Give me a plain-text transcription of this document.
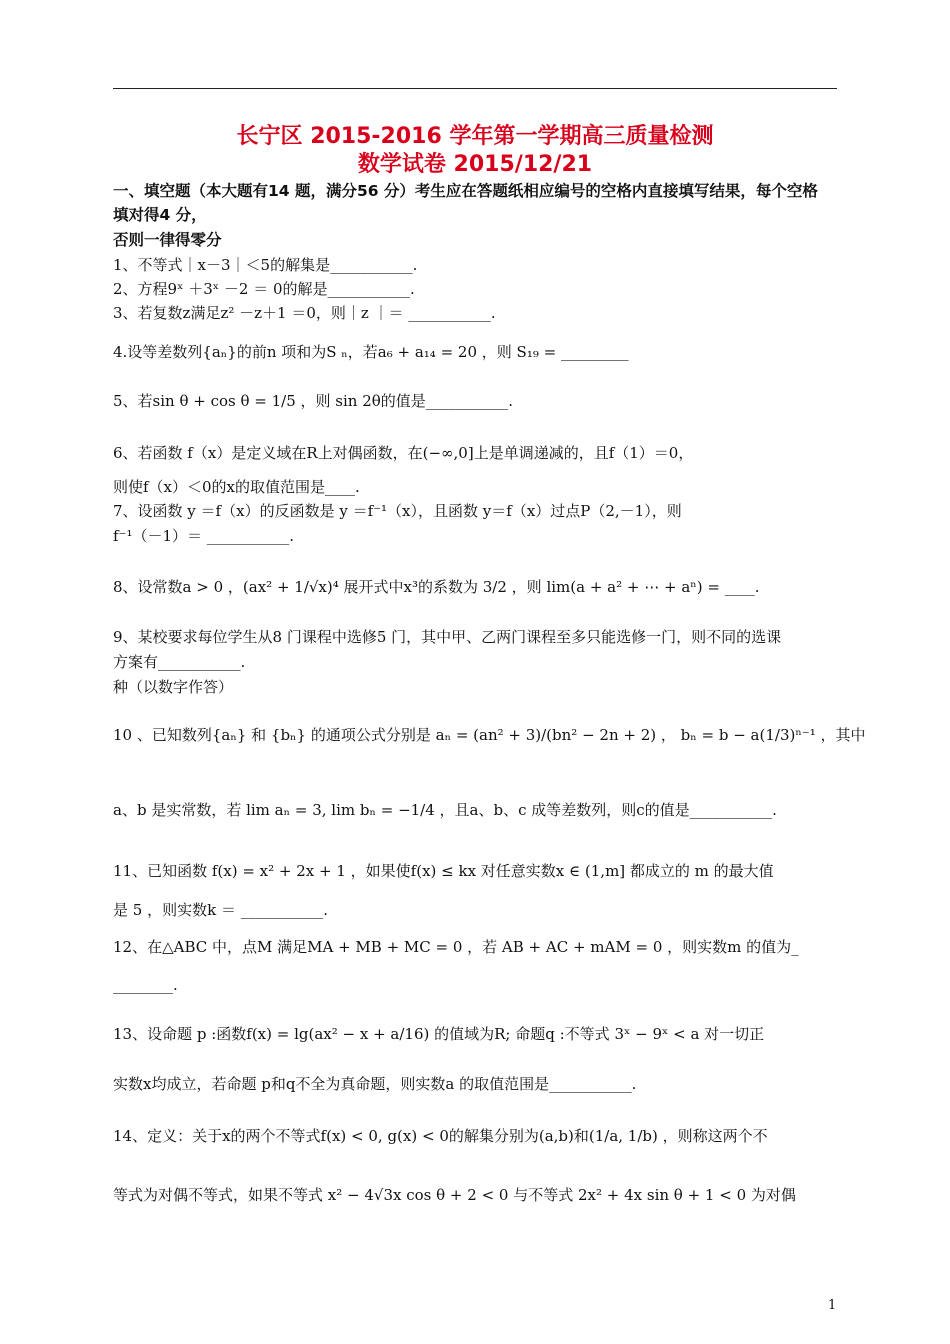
长宁区 2015-2016 学年第一学期高三质量检测
数学试卷 2015/12/21
一、填空题（本大题有14 题，满分56 分）考生应在答题纸相应编号的空格内直接填写结果，每个空格
填对得4 分，
否则一律得零分
1、不等式｜x－3｜＜5的解集是___________.
2、方程9ˣ ＋3ˣ －2 ＝ 0的解是___________.
3、若复数z满足z² －z＋1 ＝0，则｜z ｜＝ ___________.
4.设等差数列{aₙ}的前n 项和为S ₙ，若a₆ + a₁₄ = 20 ，则 S₁₉ = _________
5、若sin θ + cos θ = 1/5 ，则 sin 2θ的值是___________.
6、若函数 f（x）是定义域在R上对偶函数，在(−∞,0]上是单调递减的，且f（1）＝0，
则使f（x）＜0的x的取值范围是____.
7、设函数 y ＝f（x）的反函数是 y ＝f⁻¹（x），且函数 y＝f（x）过点P（2,－1），则
f⁻¹（－1）＝ ___________.
8、设常数a > 0 ，(ax² + 1/√x)⁴ 展开式中x³的系数为 3/2 ，则 lim(a + a² + ⋯ + aⁿ) = ____.
9、某校要求每位学生从8 门课程中选修5 门，其中甲、乙两门课程至多只能选修一门，则不同的选课
方案有___________.
种（以数字作答）
10 、已知数列{aₙ} 和 {bₙ} 的通项公式分别是 aₙ = (an² + 3)/(bn² − 2n + 2) ， bₙ = b − a(1/3)ⁿ⁻¹ ，其中
a、b 是实常数，若 lim aₙ = 3, lim bₙ = −1/4 ，且a、b、c 成等差数列，则c的值是___________.
11、已知函数 f(x) = x² + 2x + 1 ，如果使f(x) ≤ kx 对任意实数x ∈ (1,m] 都成立的 m 的最大值
是 5 ，则实数k ＝ ___________.
12、在△ABC 中，点M 满足MA + MB + MC = 0 ，若 AB + AC + mAM = 0 ，则实数m 的值为_
________.
13、设命题 p :函数f(x) = lg(ax² − x + a/16) 的值域为R; 命题q :不等式 3ˣ − 9ˣ < a 对一切正
实数x均成立，若命题 p和q不全为真命题，则实数a 的取值范围是___________.
14、定义：关于x的两个不等式f(x) < 0, g(x) < 0的解集分别为(a,b)和(1/a, 1/b) ，则称这两个不
等式为对偶不等式，如果不等式 x² − 4√3x cos θ + 2 < 0 与不等式 2x² + 4x sin θ + 1 < 0 为对偶
1
